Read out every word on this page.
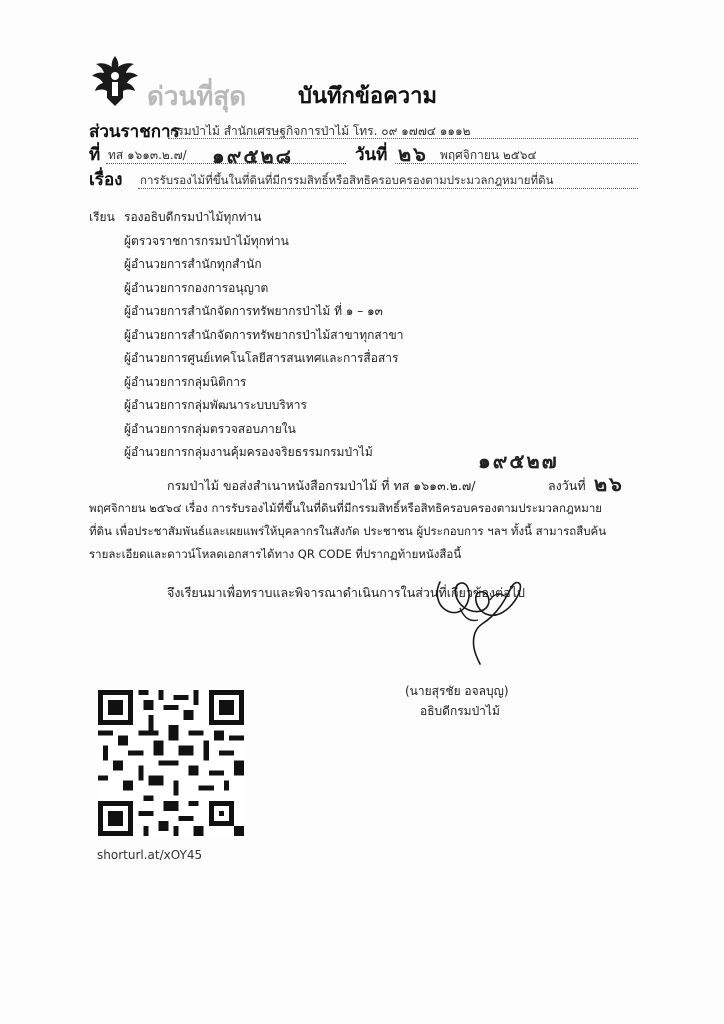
ด่วนที่สุด บันทึกข้อความ
ส่วนราชการ
กรมป่าไม้ สำนักเศรษฐกิจการป่าไม้ โทร. ๐๙ ๑๗๗๔ ๑๑๑๒
ที่ ทส ๑๖๑๓.๒.๗/ ๑๙๕๒๘	วันที่ ๒๖ พฤศจิกายน ๒๕๖๔
เรื่อง การรับรองไม้ที่ขึ้นในที่ดินที่มีกรรมสิทธิ์หรือสิทธิครอบครองตามประมวลกฎหมายที่ดิน
เรียน รองอธิบดีกรมป่าไม้ทุกท่าน
ผู้ตรวจราชการกรมป่าไม้ทุกท่าน
ผู้อำนวยการสำนักทุกสำนัก
ผู้อำนวยการกองการอนุญาต
ผู้อำนวยการสำนักจัดการทรัพยากรป่าไม้ ที่ ๑ – ๑๓
ผู้อำนวยการสำนักจัดการทรัพยากรป่าไม้สาขาทุกสาขา
ผู้อำนวยการศูนย์เทคโนโลยีสารสนเทศและการสื่อสาร
ผู้อำนวยการกลุ่มนิติการ
ผู้อำนวยการกลุ่มพัฒนาระบบบริหาร
ผู้อำนวยการกลุ่มตรวจสอบภายใน
ผู้อำนวยการกลุ่มงานคุ้มครองจริยธรรมกรมป่าไม้
กรมป่าไม้ ขอส่งสำเนาหนังสือกรมป่าไม้ ที่ ทส ๑๖๑๓.๒.๗/
๑๙๕๒๗
ลงวันที่ ๒๖
พฤศจิกายน ๒๕๖๔ เรื่อง การรับรองไม้ที่ขึ้นในที่ดินที่มีกรรมสิทธิ์หรือสิทธิครอบครองตามประมวลกฎหมาย
ที่ดิน เพื่อประชาสัมพันธ์และเผยแพร่ให้บุคลากรในสังกัด ประชาชน ผู้ประกอบการ ฯลฯ ทั้งนี้ สามารถสืบค้น
รายละเอียดและดาวน์โหลดเอกสารได้ทาง QR CODE ที่ปรากฏท้ายหนังสือนี้
จึงเรียนมาเพื่อทราบและพิจารณาดำเนินการในส่วนที่เกี่ยวข้องต่อไป
(นายสุรชัย อจลบุญ)
อธิบดีกรมป่าไม้
shorturl.at/xOY45
